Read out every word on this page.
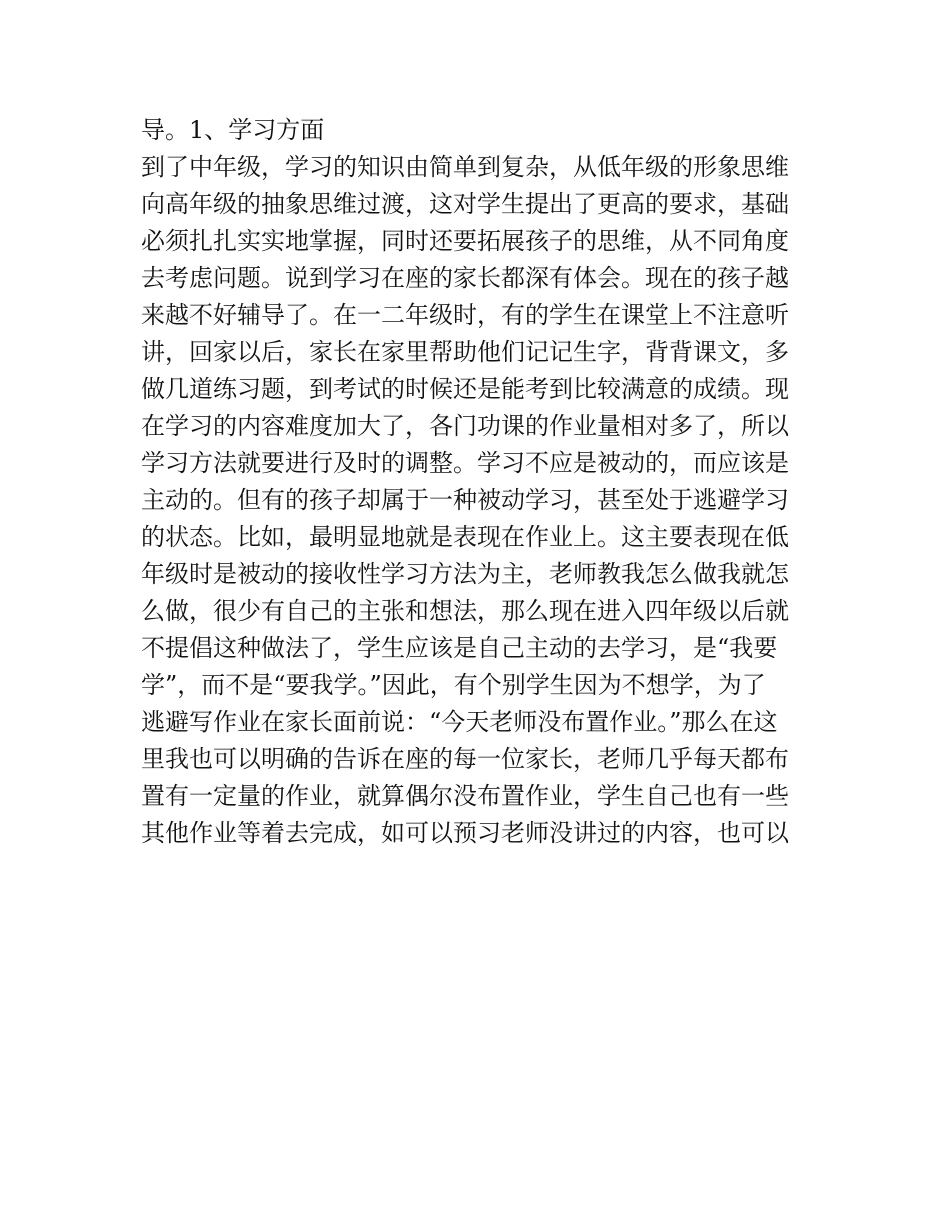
导。1、学习方面

到了中年级，学习的知识由简单到复杂，从低年级的形象思维

向高年级的抽象思维过渡，这对学生提出了更高的要求，基础

必须扎扎实实地掌握，同时还要拓展孩子的思维，从不同角度

去考虑问题。说到学习在座的家长都深有体会。现在的孩子越

来越不好辅导了。在一二年级时，有的学生在课堂上不注意听

讲，回家以后，家长在家里帮助他们记记生字，背背课文，多

做几道练习题，到考试的时候还是能考到比较满意的成绩。现

在学习的内容难度加大了，各门功课的作业量相对多了，所以

学习方法就要进行及时的调整。学习不应是被动的，而应该是

主动的。但有的孩子却属于一种被动学习，甚至处于逃避学习

的状态。比如，最明显地就是表现在作业上。这主要表现在低

年级时是被动的接收性学习方法为主，老师教我怎么做我就怎

么做，很少有自己的主张和想法，那么现在进入四年级以后就

不提倡这种做法了，学生应该是自己主动的去学习，是“我要

学”，而不是“要我学。”因此，有个别学生因为不想学，为了

逃避写作业在家长面前说：“今天老师没布置作业。”那么在这

里我也可以明确的告诉在座的每一位家长，老师几乎每天都布

置有一定量的作业，就算偶尔没布置作业，学生自己也有一些

其他作业等着去完成，如可以预习老师没讲过的内容，也可以
